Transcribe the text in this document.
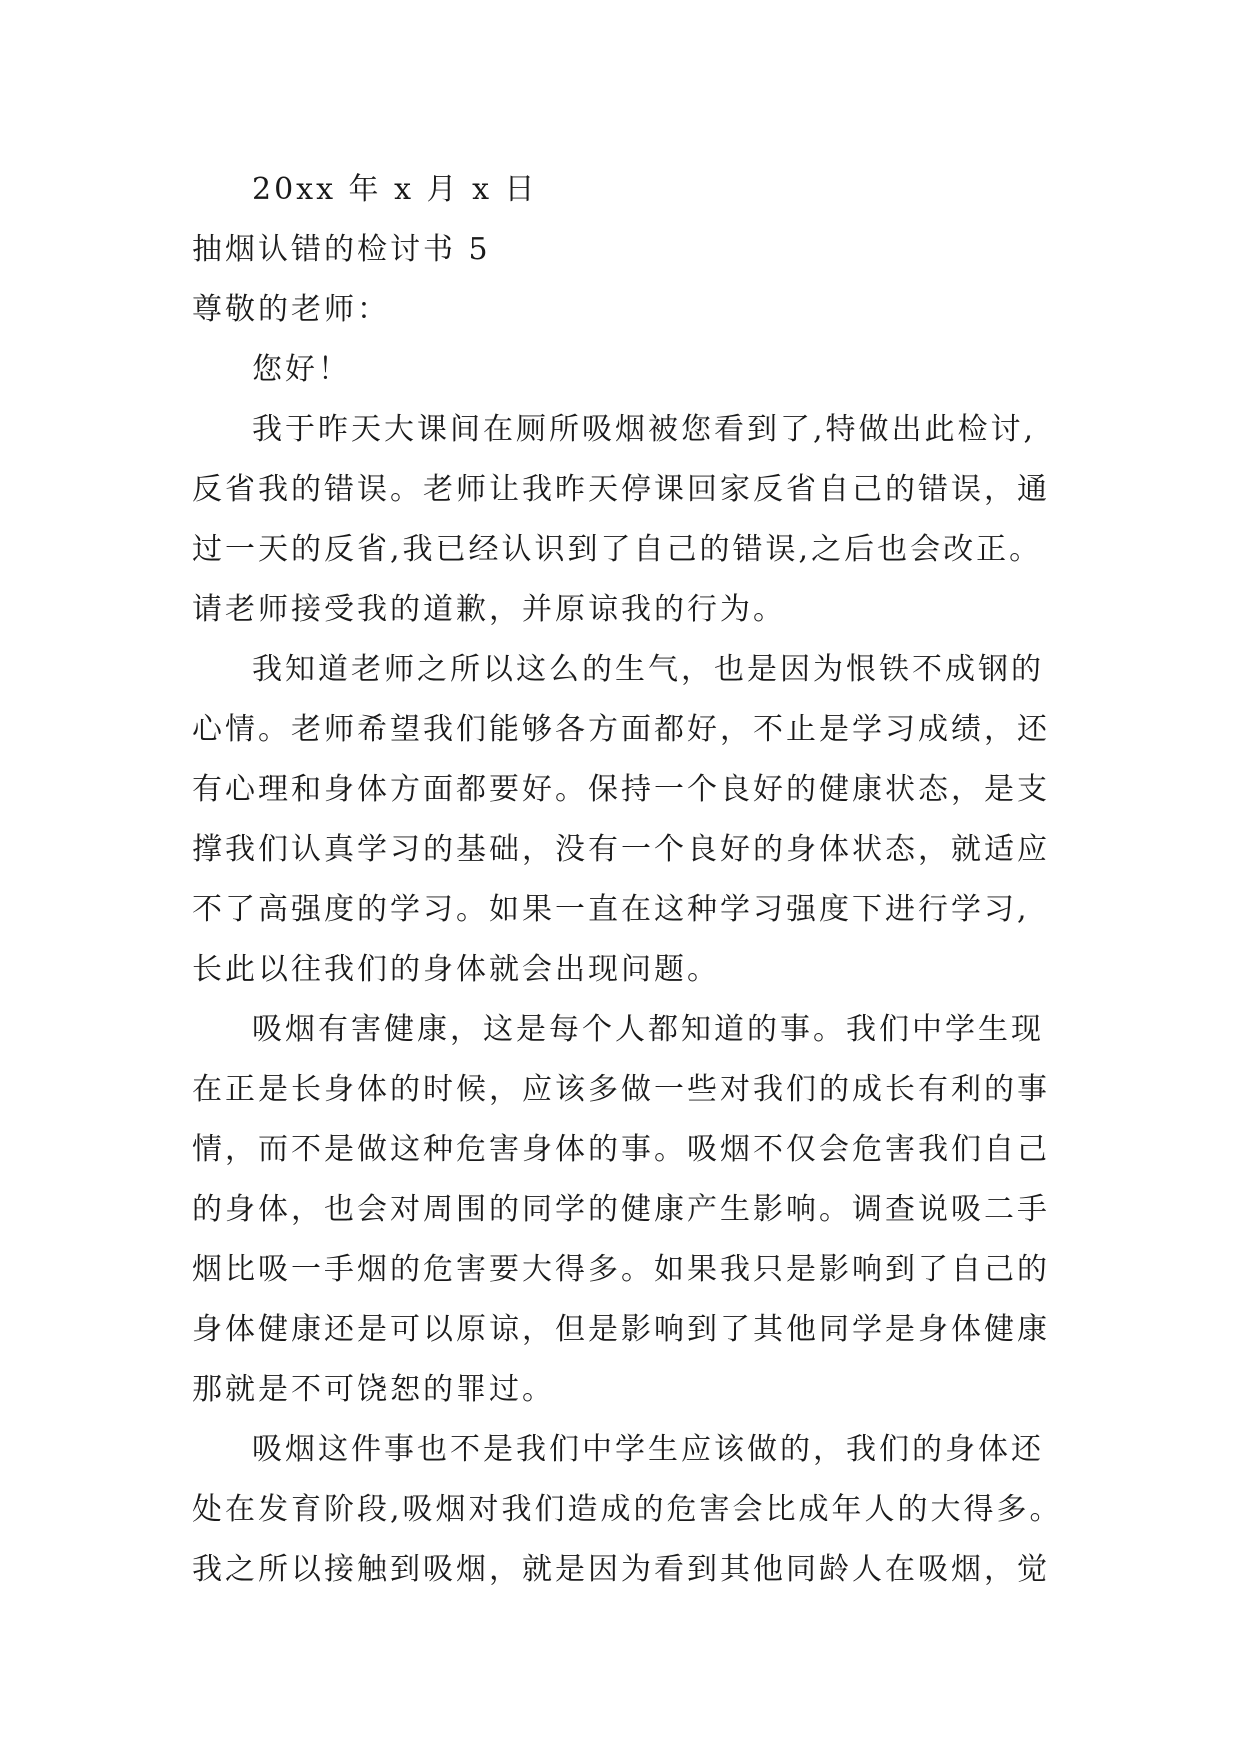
20xx 年 x 月 x 日
抽烟认错的检讨书 5
尊敬的老师：
您好！
我于昨天大课间在厕所吸烟被您看到了,特做出此检讨,
反省我的错误。老师让我昨天停课回家反省自己的错误，通
过一天的反省,我已经认识到了自己的错误,之后也会改正。
请老师接受我的道歉，并原谅我的行为。
我知道老师之所以这么的生气，也是因为恨铁不成钢的
心情。老师希望我们能够各方面都好，不止是学习成绩，还
有心理和身体方面都要好。保持一个良好的健康状态，是支
撑我们认真学习的基础，没有一个良好的身体状态，就适应
不了高强度的学习。如果一直在这种学习强度下进行学习,
长此以往我们的身体就会出现问题。
吸烟有害健康，这是每个人都知道的事。我们中学生现
在正是长身体的时候，应该多做一些对我们的成长有利的事
情，而不是做这种危害身体的事。吸烟不仅会危害我们自己
的身体，也会对周围的同学的健康产生影响。调查说吸二手
烟比吸一手烟的危害要大得多。如果我只是影响到了自己的
身体健康还是可以原谅，但是影响到了其他同学是身体健康
那就是不可饶恕的罪过。
吸烟这件事也不是我们中学生应该做的，我们的身体还
处在发育阶段,吸烟对我们造成的危害会比成年人的大得多。
我之所以接触到吸烟，就是因为看到其他同龄人在吸烟，觉
